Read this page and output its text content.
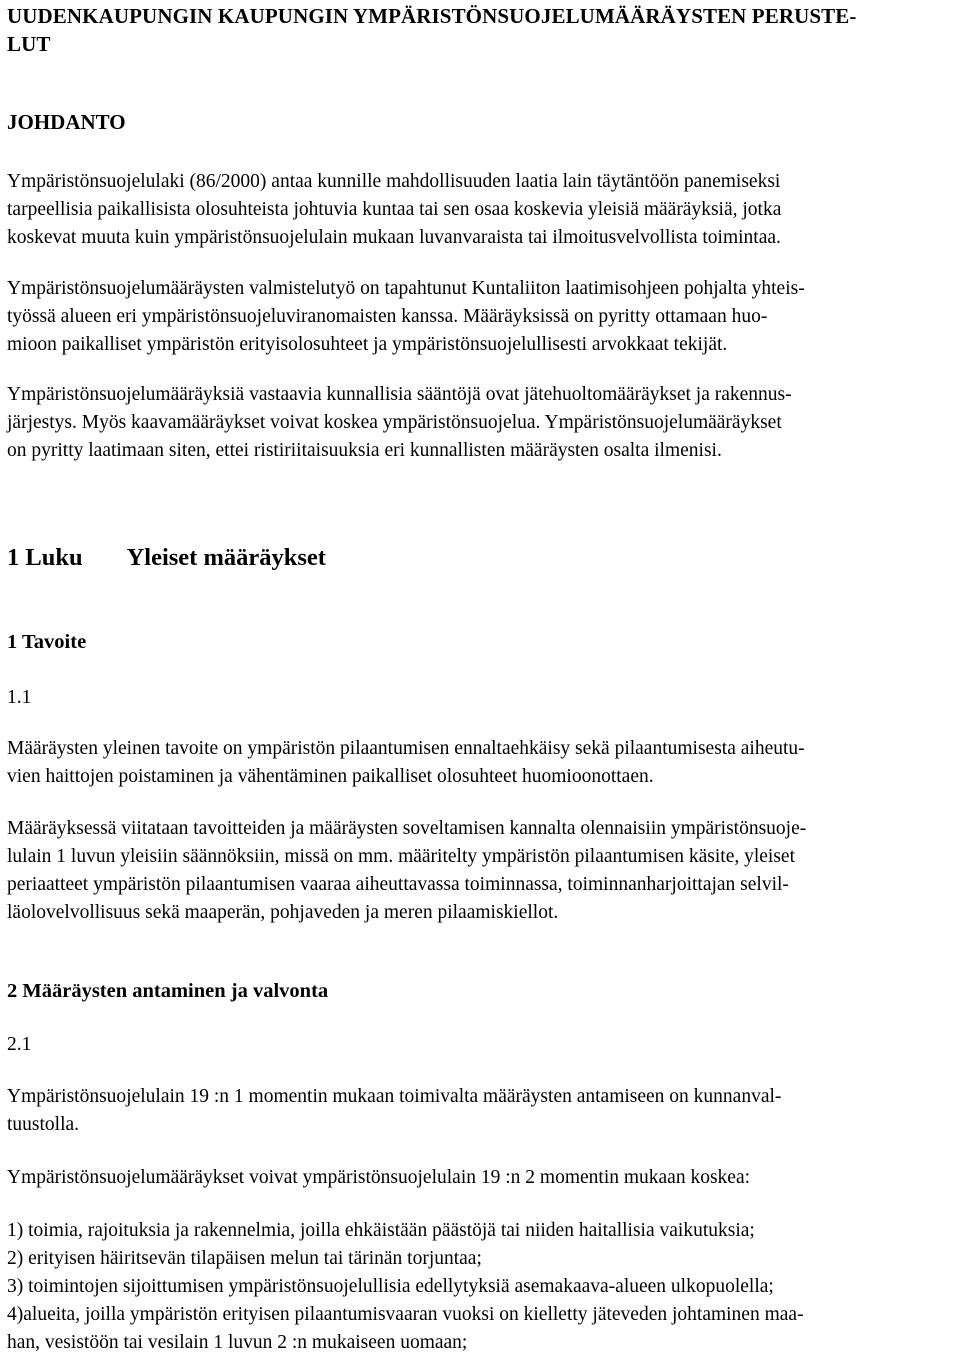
UUDENKAUPUNGIN KAUPUNGIN YMPÄRISTÖNSUOJELUMÄÄRÄYSTEN PERUSTE-
LUT
JOHDANTO
Ympäristönsuojelulaki (86/2000) antaa kunnille mahdollisuuden laatia lain täytäntöön panemiseksi
tarpeellisia paikallisista olosuhteista johtuvia kuntaa tai sen osaa koskevia yleisiä määräyksiä, jotka
koskevat muuta kuin ympäristönsuojelulain mukaan luvanvaraista tai ilmoitusvelvollista toimintaa.
Ympäristönsuojelumääräysten valmistelutyö on tapahtunut Kuntaliiton laatimisohjeen pohjalta yhteis-
työssä alueen eri ympäristönsuojeluviranomaisten kanssa. Määräyksissä on pyritty ottamaan huo-
mioon paikalliset ympäristön erityisolosuhteet ja ympäristönsuojelullisesti arvokkaat tekijät.
Ympäristönsuojelumääräyksiä vastaavia kunnallisia sääntöjä ovat jätehuoltomääräykset ja rakennus-
järjestys. Myös kaavamääräykset voivat koskea ympäristönsuojelua. Ympäristönsuojelumääräykset
on pyritty laatimaan siten, ettei ristiriitaisuuksia eri kunnallisten määräysten osalta ilmenisi.
1 Luku Yleiset määräykset
1 Tavoite
1.1
Määräysten yleinen tavoite on ympäristön pilaantumisen ennaltaehkäisy sekä pilaantumisesta aiheutu-
vien haittojen poistaminen ja vähentäminen paikalliset olosuhteet huomioonottaen.
Määräyksessä viitataan tavoitteiden ja määräysten soveltamisen kannalta olennaisiin ympäristönsuoje-
lulain 1 luvun yleisiin säännöksiin, missä on mm. määritelty ympäristön pilaantumisen käsite, yleiset
periaatteet ympäristön pilaantumisen vaaraa aiheuttavassa toiminnassa, toiminnanharjoittajan selvil-
läolovelvollisuus sekä maaperän, pohjaveden ja meren pilaamiskiellot.
2 Määräysten antaminen ja valvonta
2.1
Ympäristönsuojelulain 19 :n 1 momentin mukaan toimivalta määräysten antamiseen on kunnanval-
tuustolla.
Ympäristönsuojelumääräykset voivat ympäristönsuojelulain 19 :n 2 momentin mukaan koskea:
1) toimia, rajoituksia ja rakennelmia, joilla ehkäistään päästöjä tai niiden haitallisia vaikutuksia;
2) erityisen häiritsevän tilapäisen melun tai tärinän torjuntaa;
3) toimintojen sijoittumisen ympäristönsuojelullisia edellytyksiä asemakaava-alueen ulkopuolella;
4)alueita, joilla ympäristön erityisen pilaantumisvaaran vuoksi on kielletty jäteveden johtaminen maa-
han, vesistöön tai vesilain 1 luvun 2 :n mukaiseen uomaan;
